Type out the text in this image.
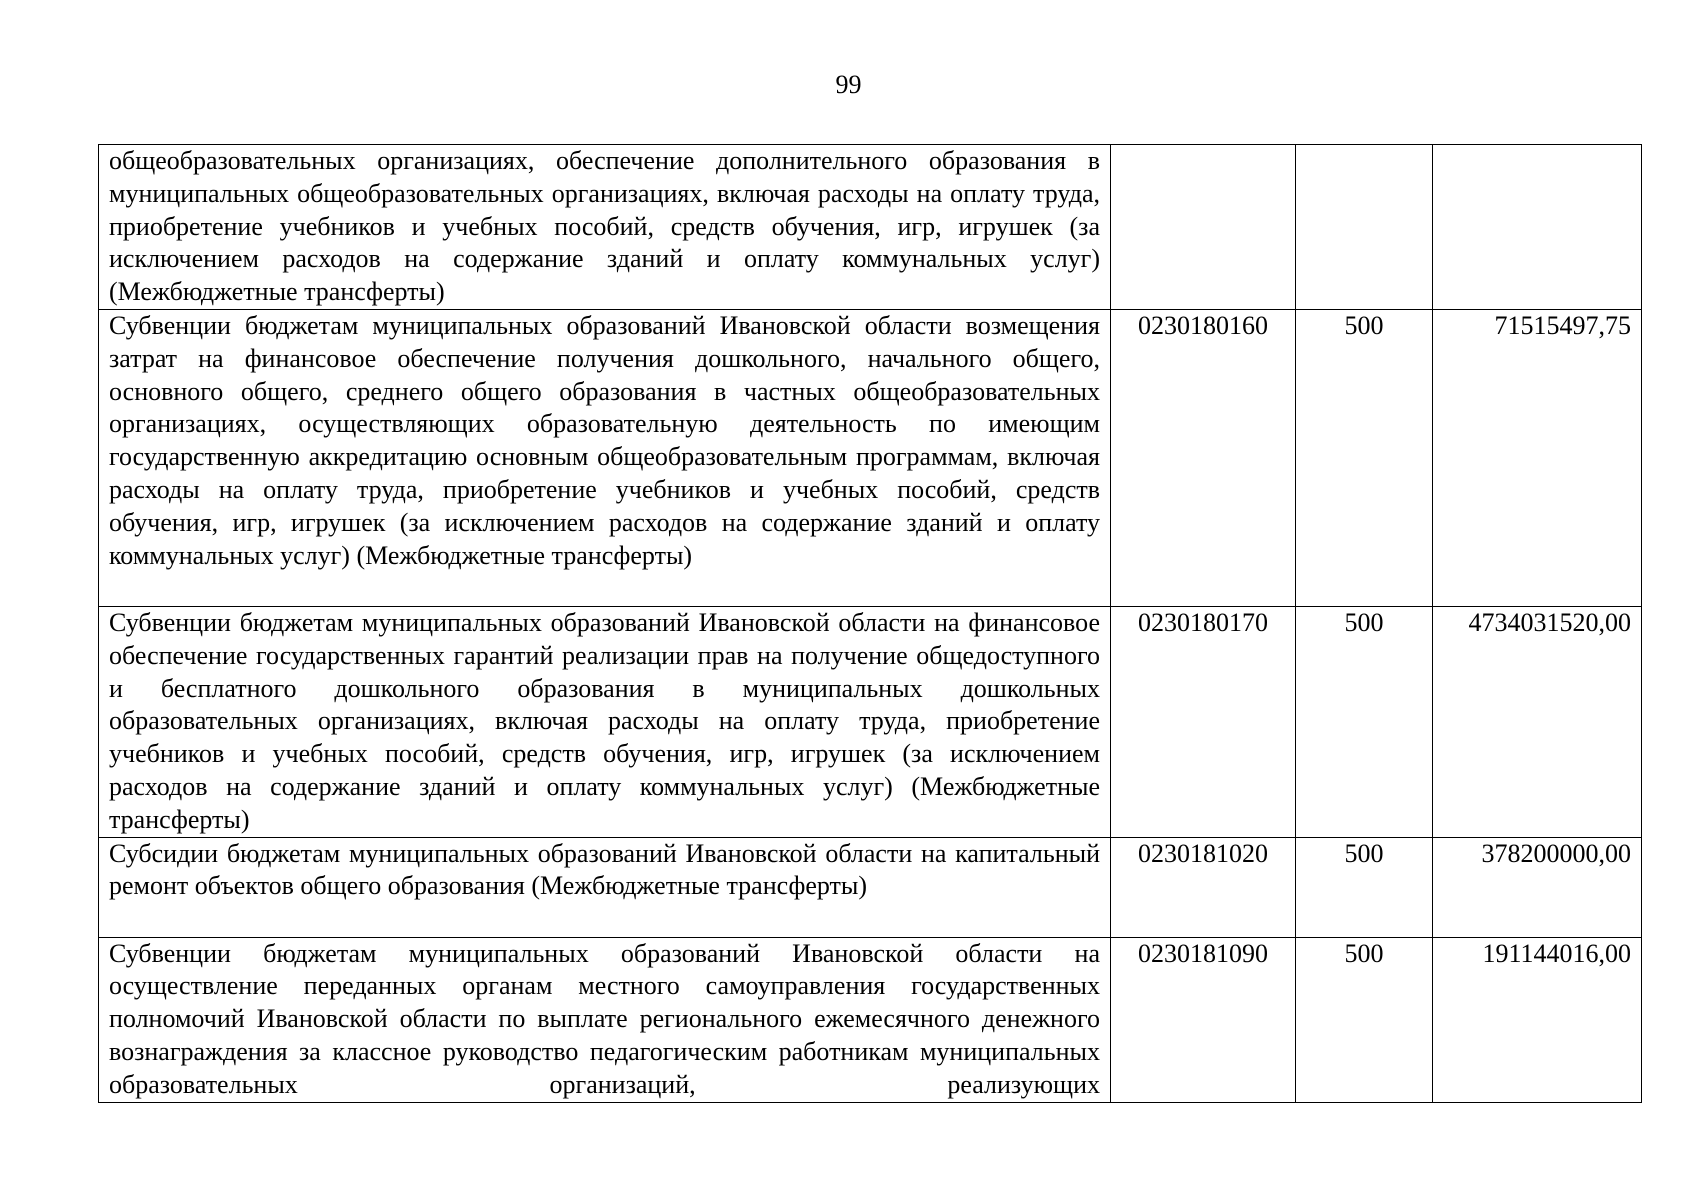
99
общеобразовательных организациях, обеспечение дополнительного образования в муниципальных общеобразовательных организациях, включая расходы на оплату труда, приобретение учебников и учебных пособий, средств обучения, игр, игрушек (за исключением расходов на содержание зданий и оплату коммунальных услуг) (Межбюджетные трансферты)			
Субвенции бюджетам муниципальных образований Ивановской области возмещения затрат на финансовое обеспечение получения дошкольного, начального общего, основного общего, среднего общего образования в частных общеобразовательных организациях, осуществляющих образовательную деятельность по имеющим государственную аккредитацию основным общеобразовательным программам, включая расходы на оплату труда, приобретение учебников и учебных пособий, средств обучения, игр, игрушек (за исключением расходов на содержание зданий и оплату коммунальных услуг) (Межбюджетные трансферты)	0230180160	500	71515497,75
Субвенции бюджетам муниципальных образований Ивановской области на финансовое обеспечение государственных гарантий реализации прав на получение общедоступного и бесплатного дошкольного образования в муниципальных дошкольных образовательных организациях, включая расходы на оплату труда, приобретение учебников и учебных пособий, средств обучения, игр, игрушек (за исключением расходов на содержание зданий и оплату коммунальных услуг) (Межбюджетные трансферты)	0230180170	500	4734031520,00
Субсидии бюджетам муниципальных образований Ивановской области на капитальный ремонт объектов общего образования (Межбюджетные трансферты)	0230181020	500	378200000,00
Субвенции бюджетам муниципальных образований Ивановской области на осуществление переданных органам местного самоуправления государственных полномочий Ивановской области по выплате регионального ежемесячного денежного вознаграждения за классное руководство педагогическим работникам муниципальных образовательных организаций, реализующих	0230181090	500	191144016,00
